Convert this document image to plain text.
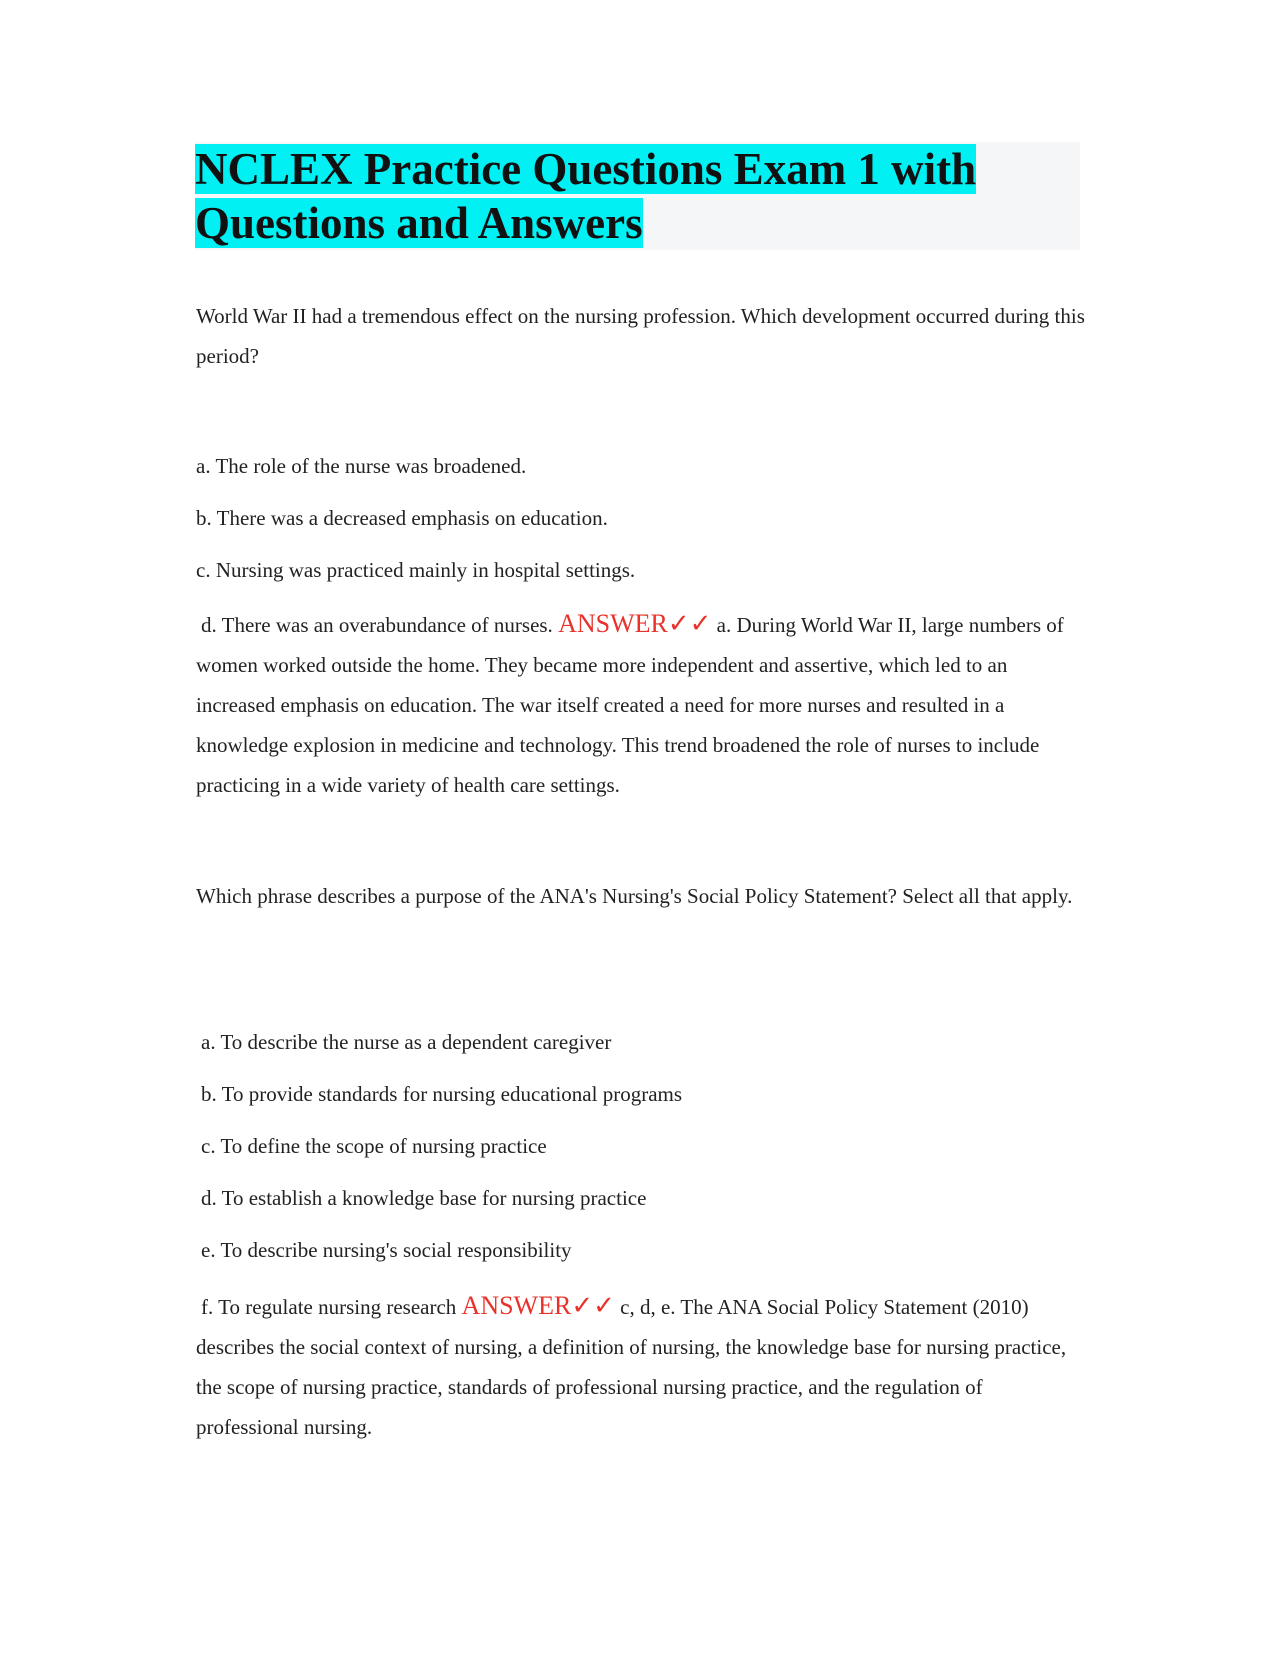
NCLEX Practice Questions Exam 1 with
Questions and Answers
World War II had a tremendous effect on the nursing profession. Which development occurred during this period?
a. The role of the nurse was broadened.
b. There was a decreased emphasis on education.
c. Nursing was practiced mainly in hospital settings.
d. There was an overabundance of nurses. ANSWER✓✓ a. During World War II, large numbers of women worked outside the home. They became more independent and assertive, which led to an increased emphasis on education. The war itself created a need for more nurses and resulted in a knowledge explosion in medicine and technology. This trend broadened the role of nurses to include practicing in a wide variety of health care settings.
Which phrase describes a purpose of the ANA's Nursing's Social Policy Statement? Select all that apply.
a. To describe the nurse as a dependent caregiver
b. To provide standards for nursing educational programs
c. To define the scope of nursing practice
d. To establish a knowledge base for nursing practice
e. To describe nursing's social responsibility
f. To regulate nursing research ANSWER✓✓ c, d, e. The ANA Social Policy Statement (2010) describes the social context of nursing, a definition of nursing, the knowledge base for nursing practice, the scope of nursing practice, standards of professional nursing practice, and the regulation of professional nursing.
